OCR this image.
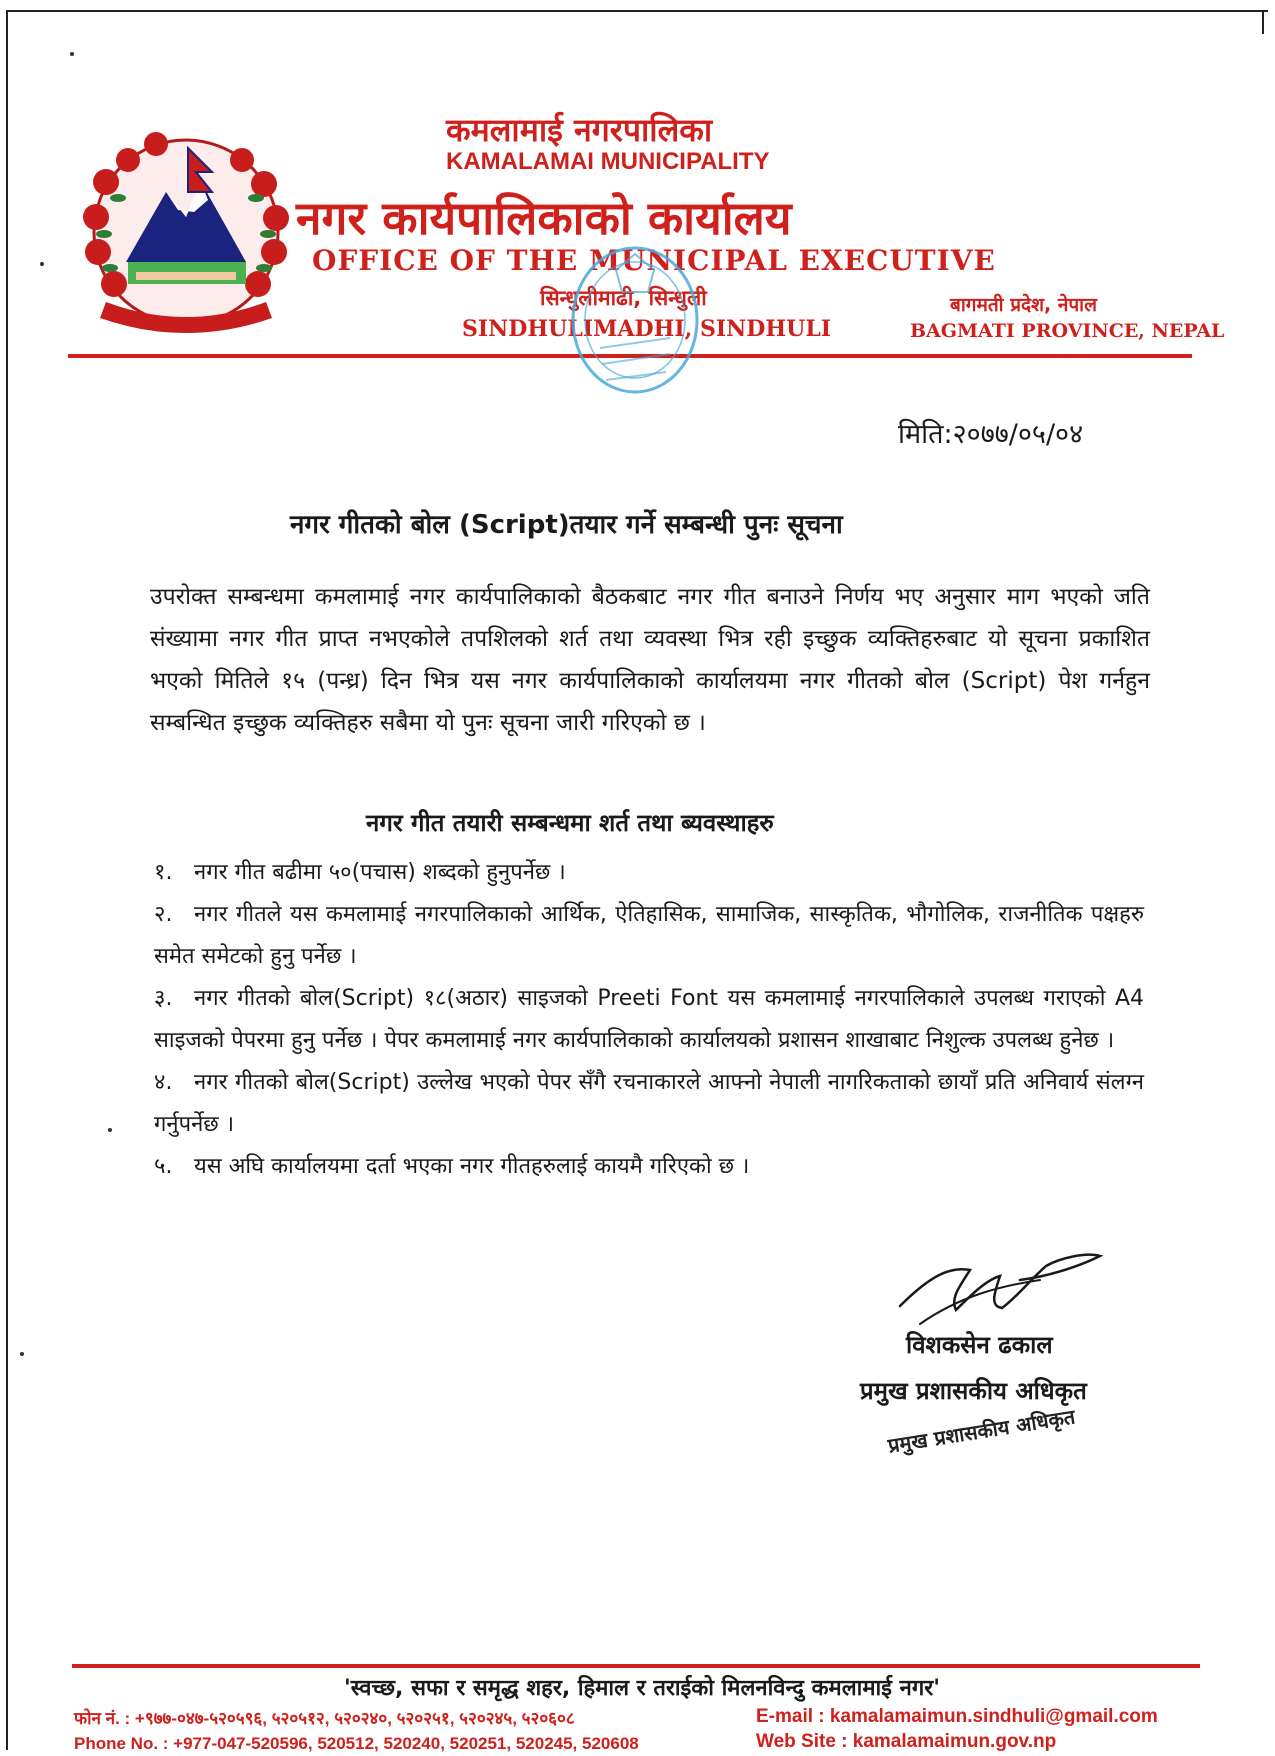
कमलामाई नगरपालिका
KAMALAMAI MUNICIPALITY
नगर कार्यपालिकाको कार्यालय
OFFICE OF THE MUNICIPAL EXECUTIVE
सिन्धुलीमाढी, सिन्धुली
SINDHULIMADHI, SINDHULI
बागमती प्रदेश, नेपाल
BAGMATI PROVINCE, NEPAL
मिति:२०७७/०५/०४
नगर गीतको बोल (Script)तयार गर्ने सम्बन्धी पुनः सूचना
उपरोक्त सम्बन्धमा कमलामाई नगर कार्यपालिकाको बैठकबाट नगर गीत बनाउने निर्णय भए अनुसार माग भएको जति संख्यामा नगर गीत प्राप्त नभएकोले तपशिलको शर्त तथा व्यवस्था भित्र रही इच्छुक व्यक्तिहरुबाट यो सूचना प्रकाशित भएको मितिले १५ (पन्ध्र) दिन भित्र यस नगर कार्यपालिकाको कार्यालयमा नगर गीतको बोल (Script) पेश गर्नहुन सम्बन्धित इच्छुक व्यक्तिहरु सबैमा यो पुनः सूचना जारी गरिएको छ ।
नगर गीत तयारी सम्बन्धमा शर्त तथा ब्यवस्थाहरु
१. नगर गीत बढीमा ५०(पचास) शब्दको हुनुपर्नेछ ।
२. नगर गीतले यस कमलामाई नगरपालिकाको आर्थिक, ऐतिहासिक, सामाजिक, सास्कृतिक, भौगोलिक, राजनीतिक पक्षहरु समेत समेटको हुनु पर्नेछ ।
३. नगर गीतको बोल(Script) १८(अठार) साइजको Preeti Font यस कमलामाई नगरपालिकाले उपलब्ध गराएको A4 साइजको पेपरमा हुनु पर्नेछ । पेपर कमलामाई नगर कार्यपालिकाको कार्यालयको प्रशासन शाखाबाट निशुल्क उपलब्ध हुनेछ ।
४. नगर गीतको बोल(Script) उल्लेख भएको पेपर सँगै रचनाकारले आफ्नो नेपाली नागरिकताको छायाँ प्रति अनिवार्य संलग्न गर्नुपर्नेछ ।
५. यस अघि कार्यालयमा दर्ता भएका नगर गीतहरुलाई कायमै गरिएको छ ।
विशकसेन ढकाल
प्रमुख प्रशासकीय अधिकृत
प्रमुख प्रशासकीय अधिकृत
'स्वच्छ, सफा र समृद्ध शहर, हिमाल र तराईको मिलनविन्दु कमलामाई नगर'
फोन नं. : +९७७-०४७-५२०५९६, ५२०५१२, ५२०२४०, ५२०२५१, ५२०२४५, ५२०६०८
Phone No. : +977-047-520596, 520512, 520240, 520251, 520245, 520608
E-mail : kamalamaimun.sindhuli@gmail.com
Web Site : kamalamaimun.gov.np
